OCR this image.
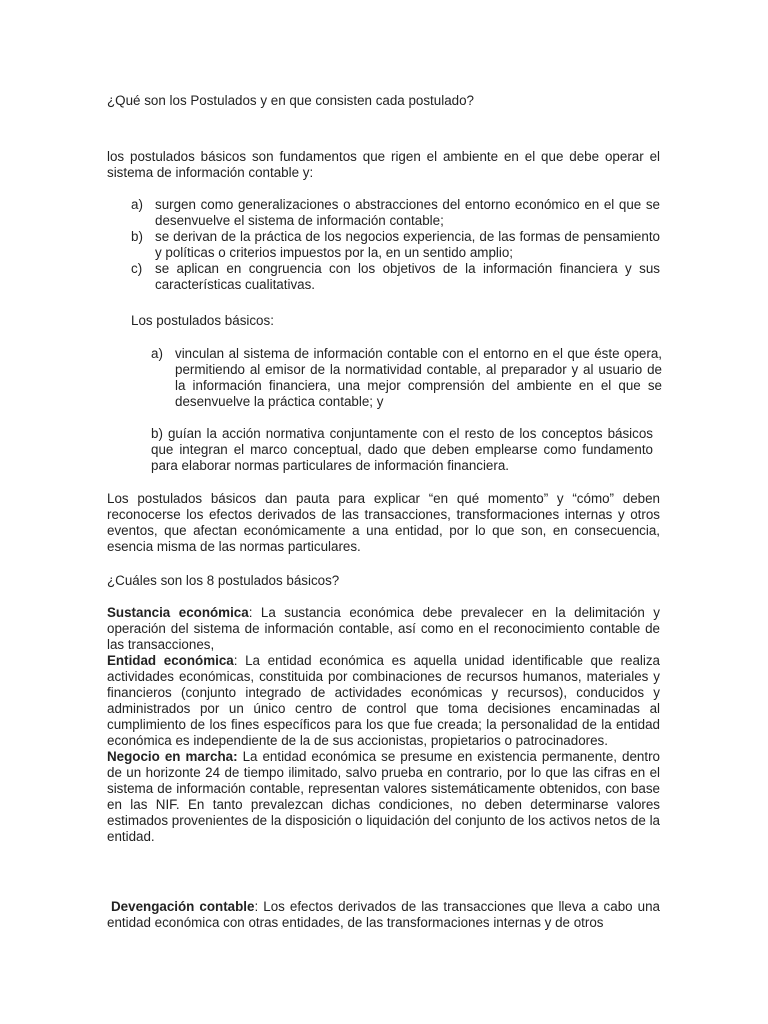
¿Qué son los Postulados y en que consisten cada postulado?

los postulados básicos son fundamentos que rigen el ambiente en el que debe operar el sistema de información contable y:

a) surgen como generalizaciones o abstracciones del entorno económico en el que se desenvuelve el sistema de información contable;
b) se derivan de la práctica de los negocios experiencia, de las formas de pensamiento y políticas o criterios impuestos por la, en un sentido amplio;
c) se aplican en congruencia con los objetivos de la información financiera y sus características cualitativas.

Los postulados básicos:

a) vinculan al sistema de información contable con el entorno en el que éste opera, permitiendo al emisor de la normatividad contable, al preparador y al usuario de la información financiera, una mejor comprensión del ambiente en el que se desenvuelve la práctica contable; y

b) guían la acción normativa conjuntamente con el resto de los conceptos básicos que integran el marco conceptual, dado que deben emplearse como fundamento para elaborar normas particulares de información financiera.

Los postulados básicos dan pauta para explicar “en qué momento” y “cómo” deben reconocerse los efectos derivados de las transacciones, transformaciones internas y otros eventos, que afectan económicamente a una entidad, por lo que son, en consecuencia, esencia misma de las normas particulares.

¿Cuáles son los 8 postulados básicos?

Sustancia económica: La sustancia económica debe prevalecer en la delimitación y operación del sistema de información contable, así como en el reconocimiento contable de las transacciones,

Entidad económica: La entidad económica es aquella unidad identificable que realiza actividades económicas, constituida por combinaciones de recursos humanos, materiales y financieros (conjunto integrado de actividades económicas y recursos), conducidos y administrados por un único centro de control que toma decisiones encaminadas al cumplimiento de los fines específicos para los que fue creada; la personalidad de la entidad económica es independiente de la de sus accionistas, propietarios o patrocinadores.

Negocio en marcha: La entidad económica se presume en existencia permanente, dentro de un horizonte 24 de tiempo ilimitado, salvo prueba en contrario, por lo que las cifras en el sistema de información contable, representan valores sistemáticamente obtenidos, con base en las NIF. En tanto prevalezcan dichas condiciones, no deben determinarse valores estimados provenientes de la disposición o liquidación del conjunto de los activos netos de la entidad.

Devengación contable: Los efectos derivados de las transacciones que lleva a cabo una entidad económica con otras entidades, de las transformaciones internas y de otros
